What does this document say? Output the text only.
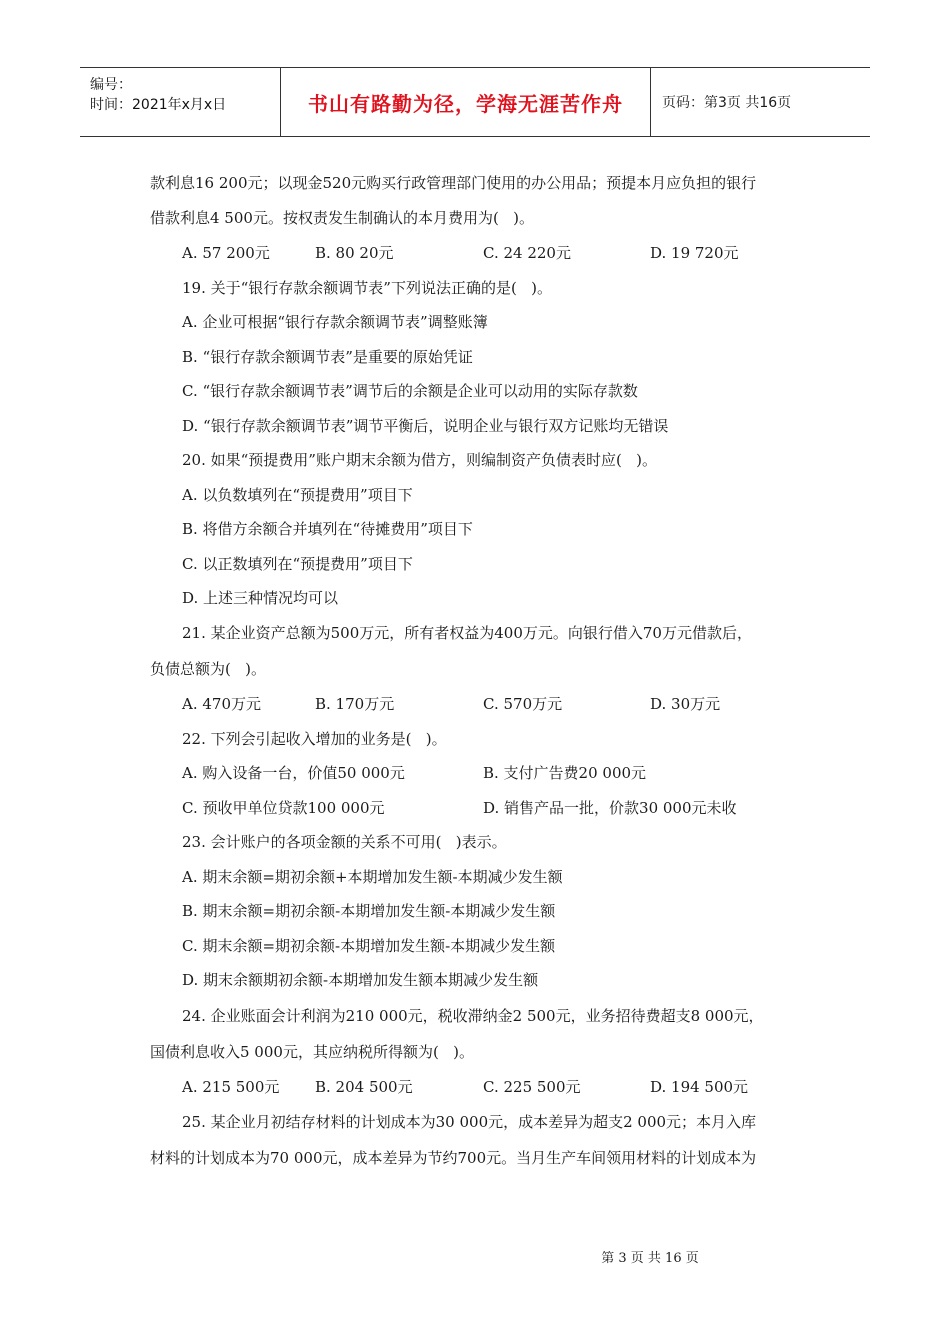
编号：
时间：2021年x月x日	书山有路勤为径，学海无涯苦作舟	页码：第3页 共16页
款利息16 200元；以现金520元购买行政管理部门使用的办公用品；预提本月应负担的银行
借款利息4 500元。按权责发生制确认的本月费用为(   )。
A. 57 200元	B. 80 20元	C. 24 220元	D. 19 720元
19. 关于“银行存款余额调节表”下列说法正确的是(   )。
A. 企业可根据“银行存款余额调节表”调整账簿
B. “银行存款余额调节表”是重要的原始凭证
C. “银行存款余额调节表”调节后的余额是企业可以动用的实际存款数
D. “银行存款余额调节表”调节平衡后，说明企业与银行双方记账均无错误
20. 如果“预提费用”账户期末余额为借方，则编制资产负债表时应(   )。
A. 以负数填列在“预提费用”项目下
B. 将借方余额合并填列在“待摊费用”项目下
C. 以正数填列在“预提费用”项目下
D. 上述三种情况均可以
21. 某企业资产总额为500万元，所有者权益为400万元。向银行借入70万元借款后，
负债总额为(   )。
A. 470万元	B. 170万元	C. 570万元	D. 30万元
22. 下列会引起收入增加的业务是(   )。
A. 购入设备一台，价值50 000元	B. 支付广告费20 000元
C. 预收甲单位贷款100 000元	D. 销售产品一批，价款30 000元未收
23. 会计账户的各项金额的关系不可用(   )表示。
A. 期末余额=期初余额+本期增加发生额-本期减少发生额
B. 期末余额=期初余额-本期增加发生额-本期减少发生额
C. 期末余额=期初余额-本期增加发生额-本期减少发生额
D. 期末余额期初余额-本期增加发生额本期减少发生额
24. 企业账面会计利润为210 000元，税收滞纳金2 500元，业务招待费超支8 000元，
国债利息收入5 000元，其应纳税所得额为(   )。
A. 215 500元 B. 204 500元	C. 225 500元	D. 194 500元
25. 某企业月初结存材料的计划成本为30 000元，成本差异为超支2 000元；本月入库
材料的计划成本为70 000元，成本差异为节约700元。当月生产车间领用材料的计划成本为
第 3 页 共 16 页
